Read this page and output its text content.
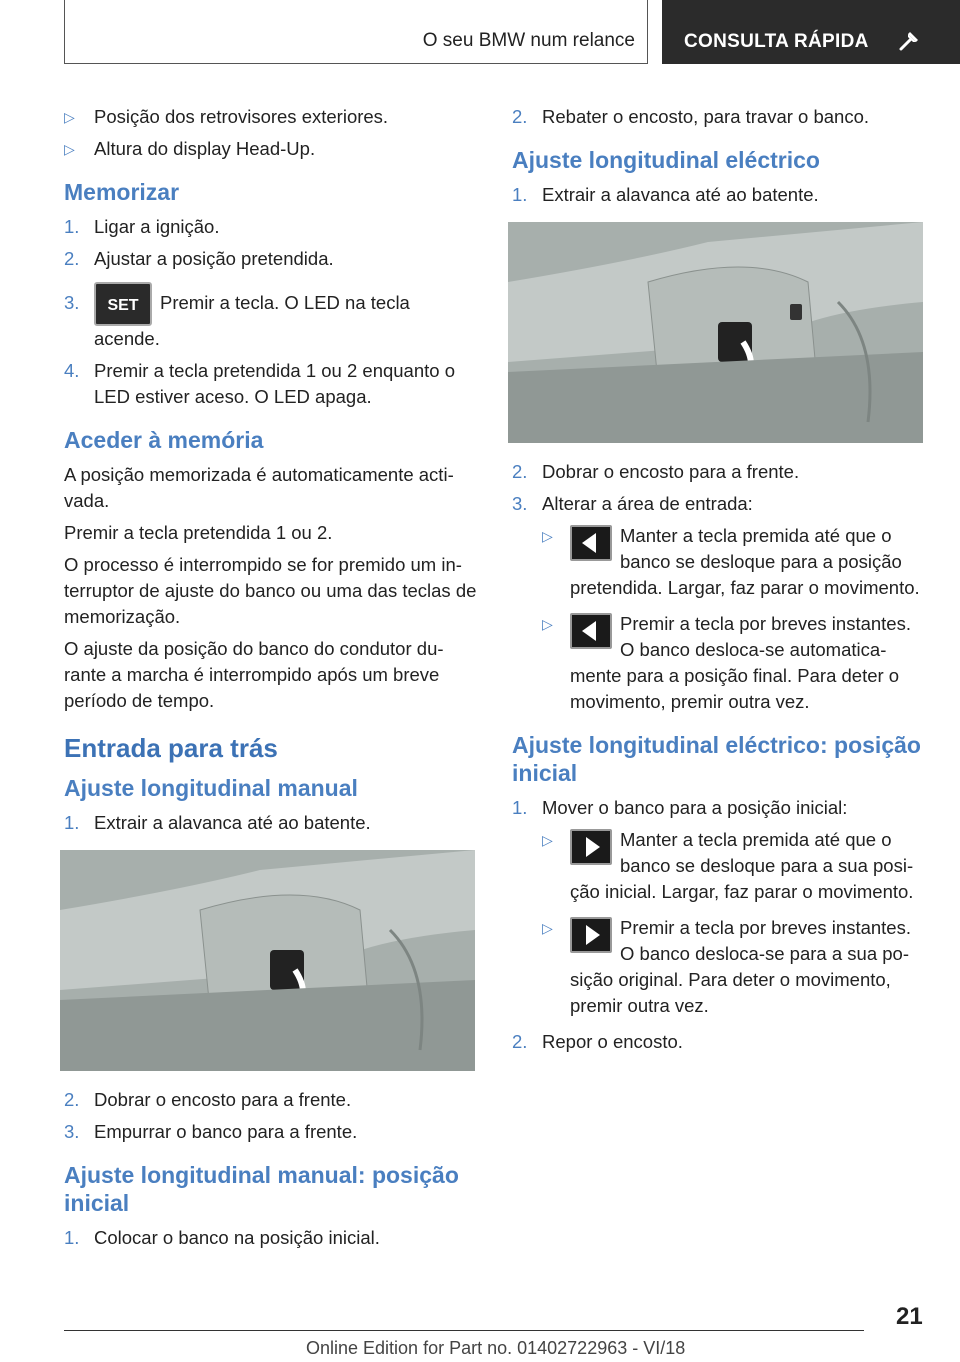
O seu BMW num relance	CONSULTA RÁPIDA
▷ Posição dos retrovisores exteriores.
▷ Altura do display Head-Up.
Memorizar
1. Ligar a ignição.
2. Ajustar a posição pretendida.
3.	SET	Premir a tecla. O LED na tecla acende.
4. Premir a tecla pretendida 1 ou 2 enquanto o LED estiver aceso. O LED apaga.
Aceder à memória

A posição memorizada é automaticamente activada.

Premir a tecla pretendida 1 ou 2.

O processo é interrompido se for premido um interruptor de ajuste do banco ou uma das teclas de memorização.

O ajuste da posição do banco do condutor durante a marcha é interrompido após um breve período de tempo.

Entrada para trás
Ajuste longitudinal manual
1. Extrair a alavanca até ao batente.
2. Dobrar o encosto para a frente.
3. Empurrar o banco para a frente.
Ajuste longitudinal manual: posição inicial
1. Colocar o banco na posição inicial.
2. Rebater o encosto, para travar o banco.
Ajuste longitudinal eléctrico
1. Extrair a alavanca até ao batente.
2. Dobrar o encosto para a frente.
3. Alterar a área de entrada:
▷	Manter a tecla premida até que o banco se desloque para a posição pretendida. Largar, faz parar o movimento.
▷	Premir a tecla por breves instantes. O banco desloca-se automaticamente para a posição final. Para deter o movimento, premir outra vez.
Ajuste longitudinal eléctrico: posição inicial
1. Mover o banco para a posição inicial:
▷	Manter a tecla premida até que o banco se desloque para a sua posição inicial. Largar, faz parar o movimento.
▷	Premir a tecla por breves instantes. O banco desloca-se para a sua posição original. Para deter o movimento, premir outra vez.
2. Repor o encosto.
21
Online Edition for Part no. 01402722963 - VI/18
